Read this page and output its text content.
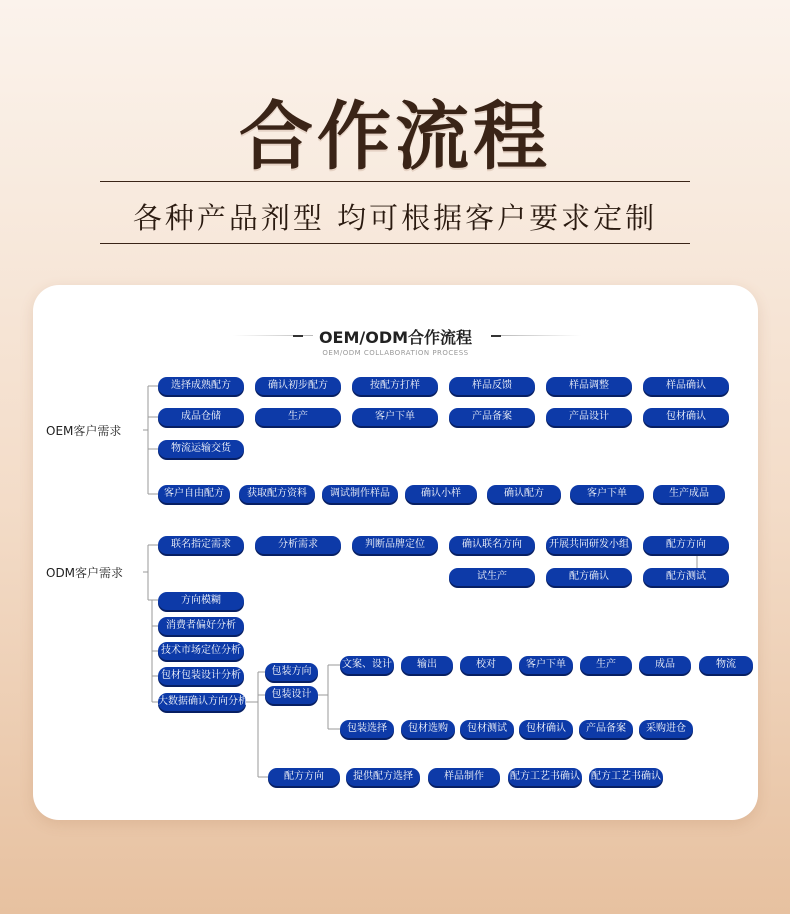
合作流程
各种产品剂型 均可根据客户要求定制
OEM/ODM合作流程
OEM/ODM COLLABORATION PROCESS
OEM客户需求
ODM客户需求
选择成熟配方	确认初步配方	按配方打样	样品反馈	样品调整	样品确认
成品仓储	生产	客户下单	产品备案	产品设计	包材确认
物流运输交货
客户自由配方	获取配方资料	调试制作样品	确认小样	确认配方	客户下单	生产成品
联名指定需求	分析需求	判断品牌定位	确认联名方向	开展共同研发小组	配方方向
试生产	配方确认	配方测试
方向模糊
消费者偏好分析
技术市场定位分析
包材包装设计分析
大数据确认方向分析
包装方向
包装设计
文案、设计	输出	校对	客户下单	生产	成品	物流
包装选择	包材选购	包材测试	包材确认	产品备案	采购进仓
配方方向	提供配方选择	样品制作	配方工艺书确认 配方工艺书确认
